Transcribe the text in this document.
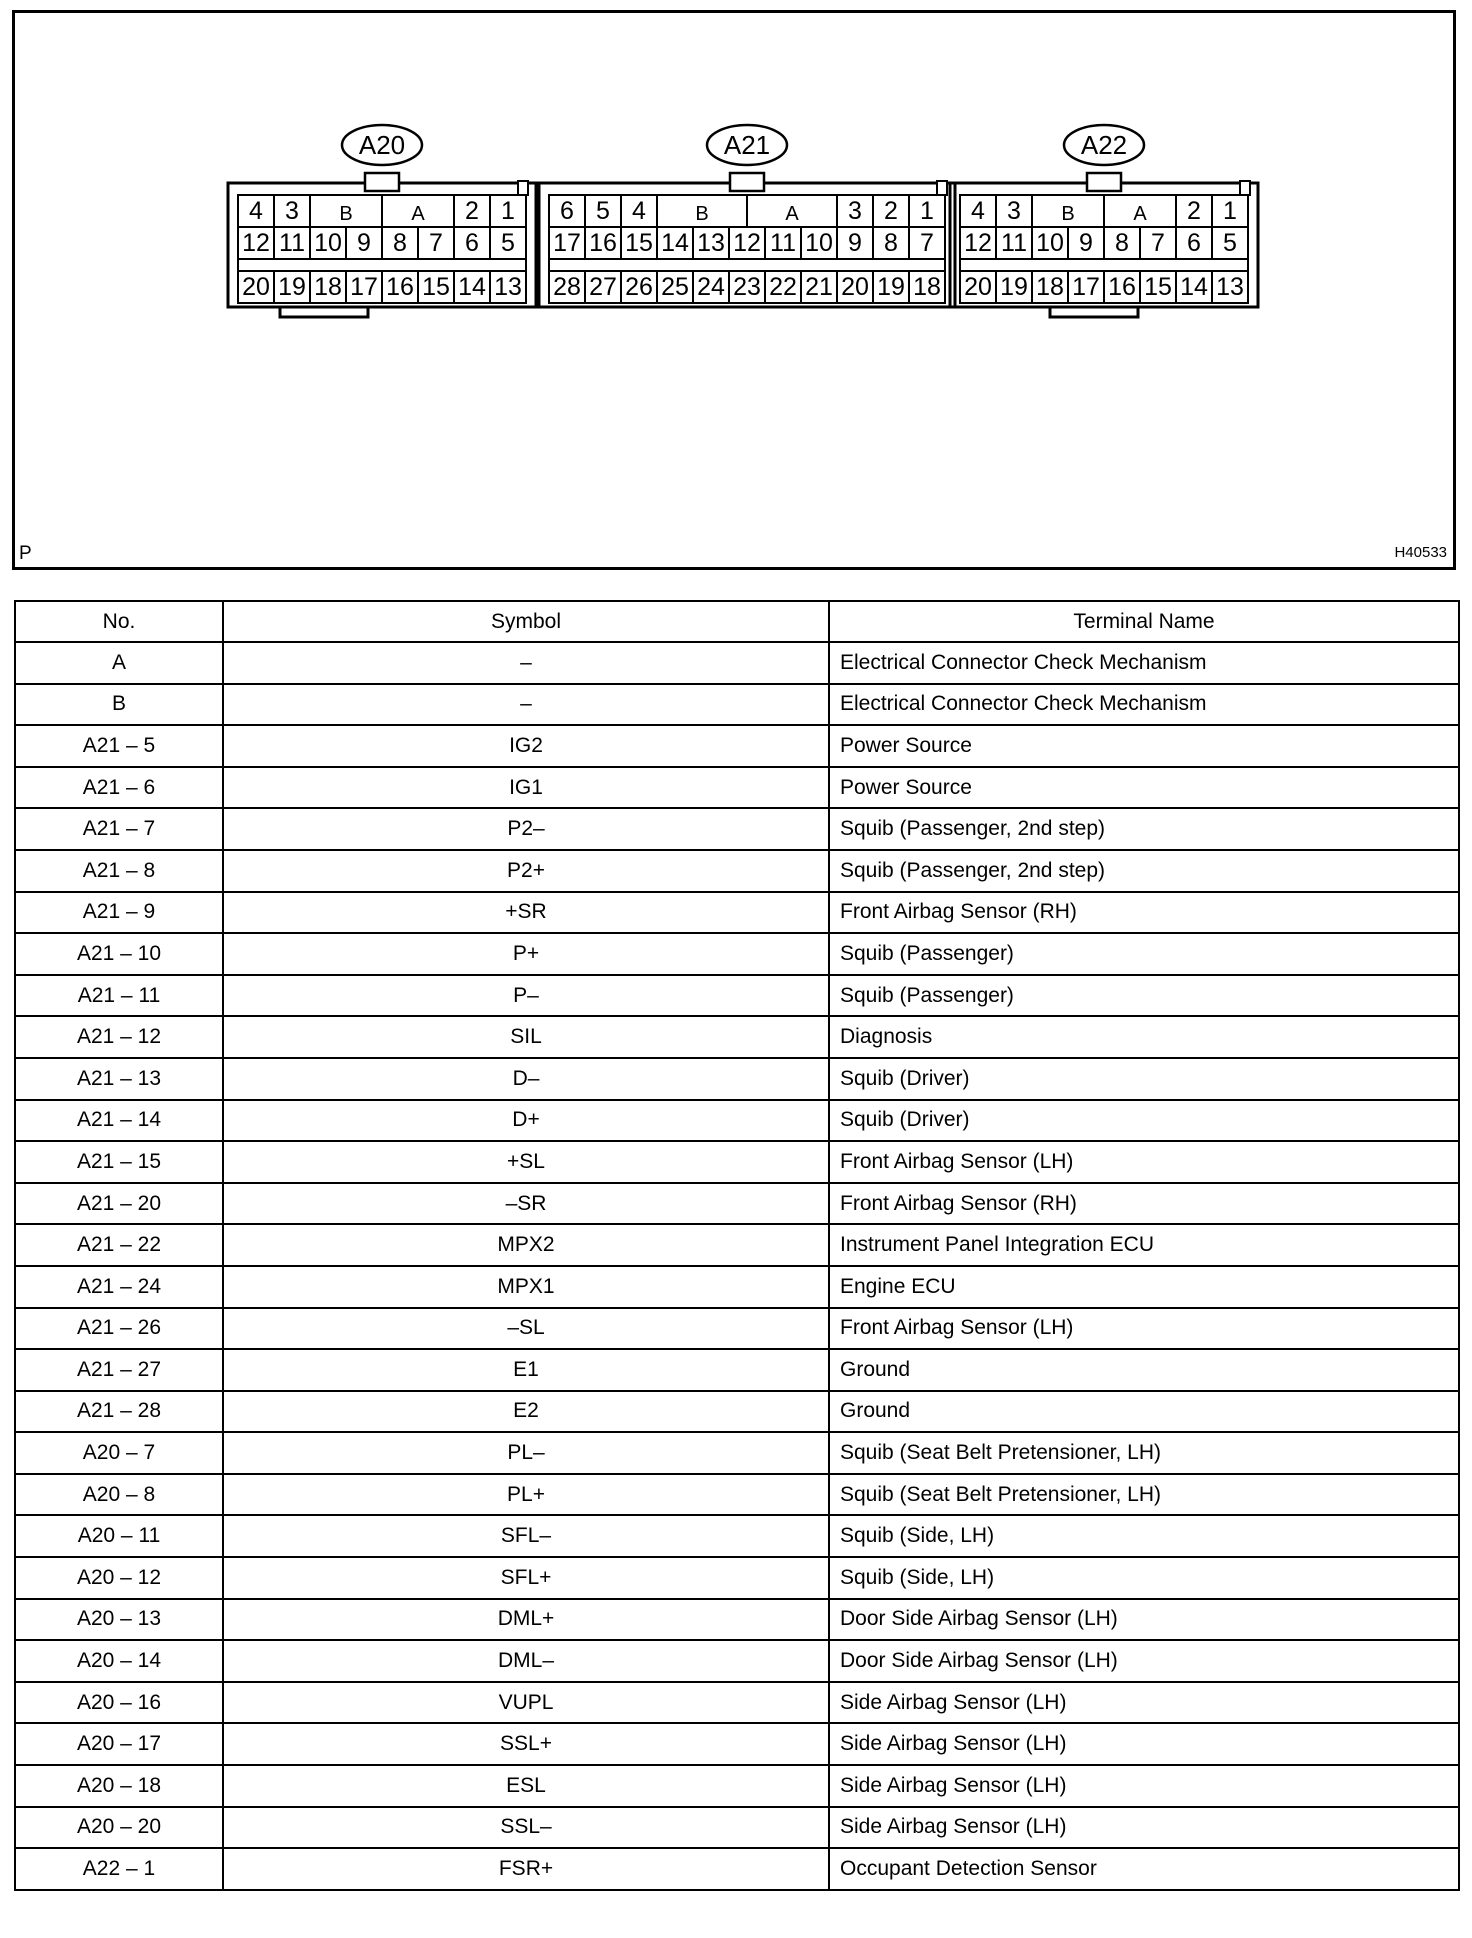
A20
12
20
11
19
10
18
9
17
8
16
7
15
6
14
5
13
4 3	2 1
B	A
A21
17
28
16
27
15
26
14
25
13
24
12
23
11
22
10
21
9
20
8
19
7
18
6 5 4	3 2 1
B	A
A22
12
20
11
19
10
18
9
17
8
16
7
15
6
14
5
13
4 3	2 1
B	A
P	H40533
No.	Symbol	Terminal Name
A	–	Electrical Connector Check Mechanism
B	–	Electrical Connector Check Mechanism
A21 – 5	IG2	Power Source
A21 – 6	IG1	Power Source
A21 – 7	P2–	Squib (Passenger, 2nd step)
A21 – 8	P2+	Squib (Passenger, 2nd step)
A21 – 9	+SR	Front Airbag Sensor (RH)
A21 – 10	P+	Squib (Passenger)
A21 – 11	P–	Squib (Passenger)
A21 – 12	SIL	Diagnosis
A21 – 13	D–	Squib (Driver)
A21 – 14	D+	Squib (Driver)
A21 – 15	+SL	Front Airbag Sensor (LH)
A21 – 20	–SR	Front Airbag Sensor (RH)
A21 – 22	MPX2	Instrument Panel Integration ECU
A21 – 24	MPX1	Engine ECU
A21 – 26	–SL	Front Airbag Sensor (LH)
A21 – 27	E1	Ground
A21 – 28	E2	Ground
A20 – 7	PL–	Squib (Seat Belt Pretensioner, LH)
A20 – 8	PL+	Squib (Seat Belt Pretensioner, LH)
A20 – 11	SFL–	Squib (Side, LH)
A20 – 12	SFL+	Squib (Side, LH)
A20 – 13	DML+	Door Side Airbag Sensor (LH)
A20 – 14	DML–	Door Side Airbag Sensor (LH)
A20 – 16	VUPL	Side Airbag Sensor (LH)
A20 – 17	SSL+	Side Airbag Sensor (LH)
A20 – 18	ESL	Side Airbag Sensor (LH)
A20 – 20	SSL–	Side Airbag Sensor (LH)
A22 – 1	FSR+	Occupant Detection Sensor
